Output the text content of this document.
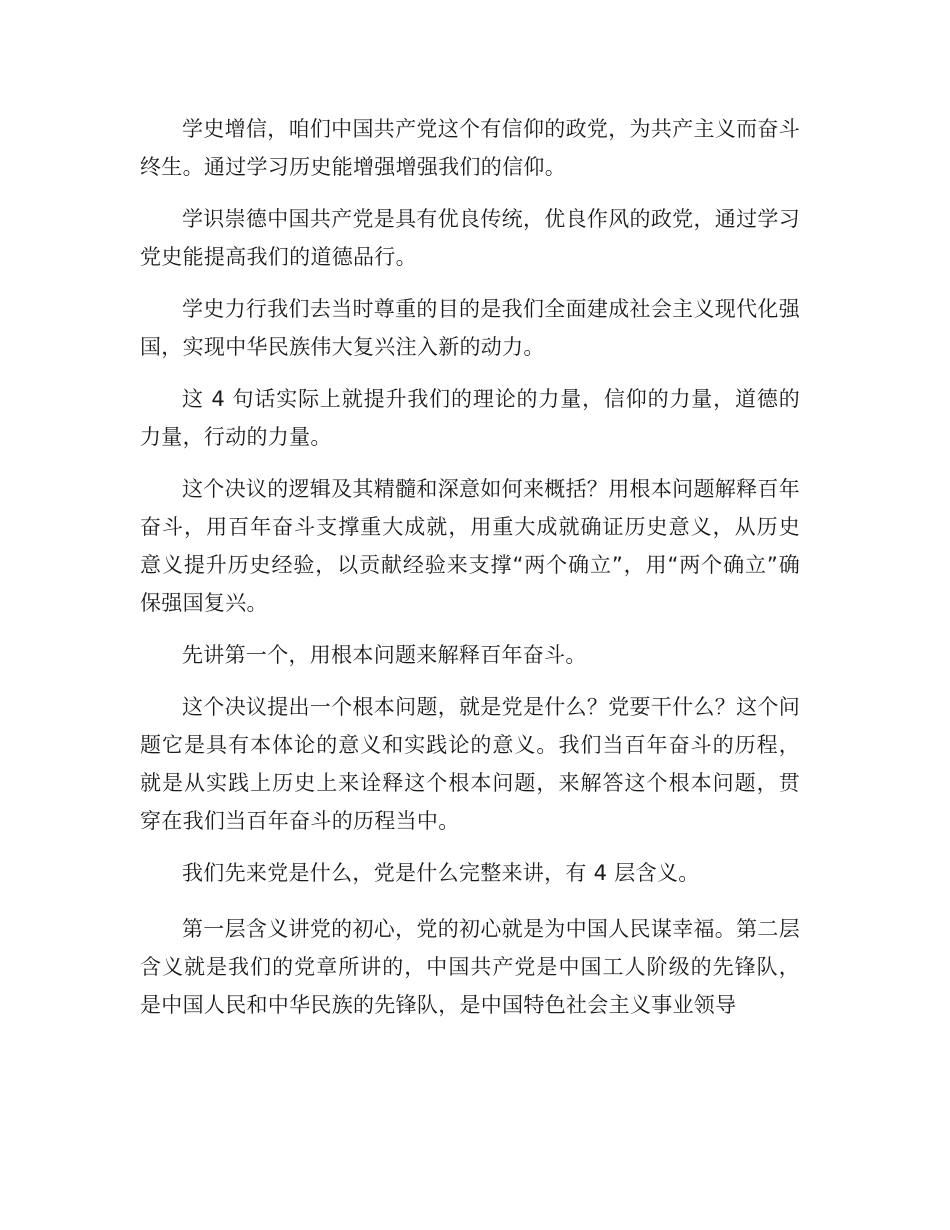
学史增信，咱们中国共产党这个有信仰的政党，为共产主义而奋斗终生。通过学习历史能增强增强我们的信仰。

学识崇德中国共产党是具有优良传统，优良作风的政党，通过学习党史能提高我们的道德品行。

学史力行我们去当时尊重的目的是我们全面建成社会主义现代化强国，实现中华民族伟大复兴注入新的动力。

这 4 句话实际上就提升我们的理论的力量，信仰的力量，道德的力量，行动的力量。

这个决议的逻辑及其精髓和深意如何来概括？用根本问题解释百年奋斗，用百年奋斗支撑重大成就，用重大成就确证历史意义，从历史意义提升历史经验，以贡献经验来支撑“两个确立”，用“两个确立”确保强国复兴。

先讲第一个，用根本问题来解释百年奋斗。

这个决议提出一个根本问题，就是党是什么？党要干什么？这个问题它是具有本体论的意义和实践论的意义。我们当百年奋斗的历程，就是从实践上历史上来诠释这个根本问题，来解答这个根本问题，贯穿在我们当百年奋斗的历程当中。

我们先来党是什么，党是什么完整来讲，有 4 层含义。

第一层含义讲党的初心，党的初心就是为中国人民谋幸福。第二层含义就是我们的党章所讲的，中国共产党是中国工人阶级的先锋队，是中国人民和中华民族的先锋队，是中国特色社会主义事业领导
